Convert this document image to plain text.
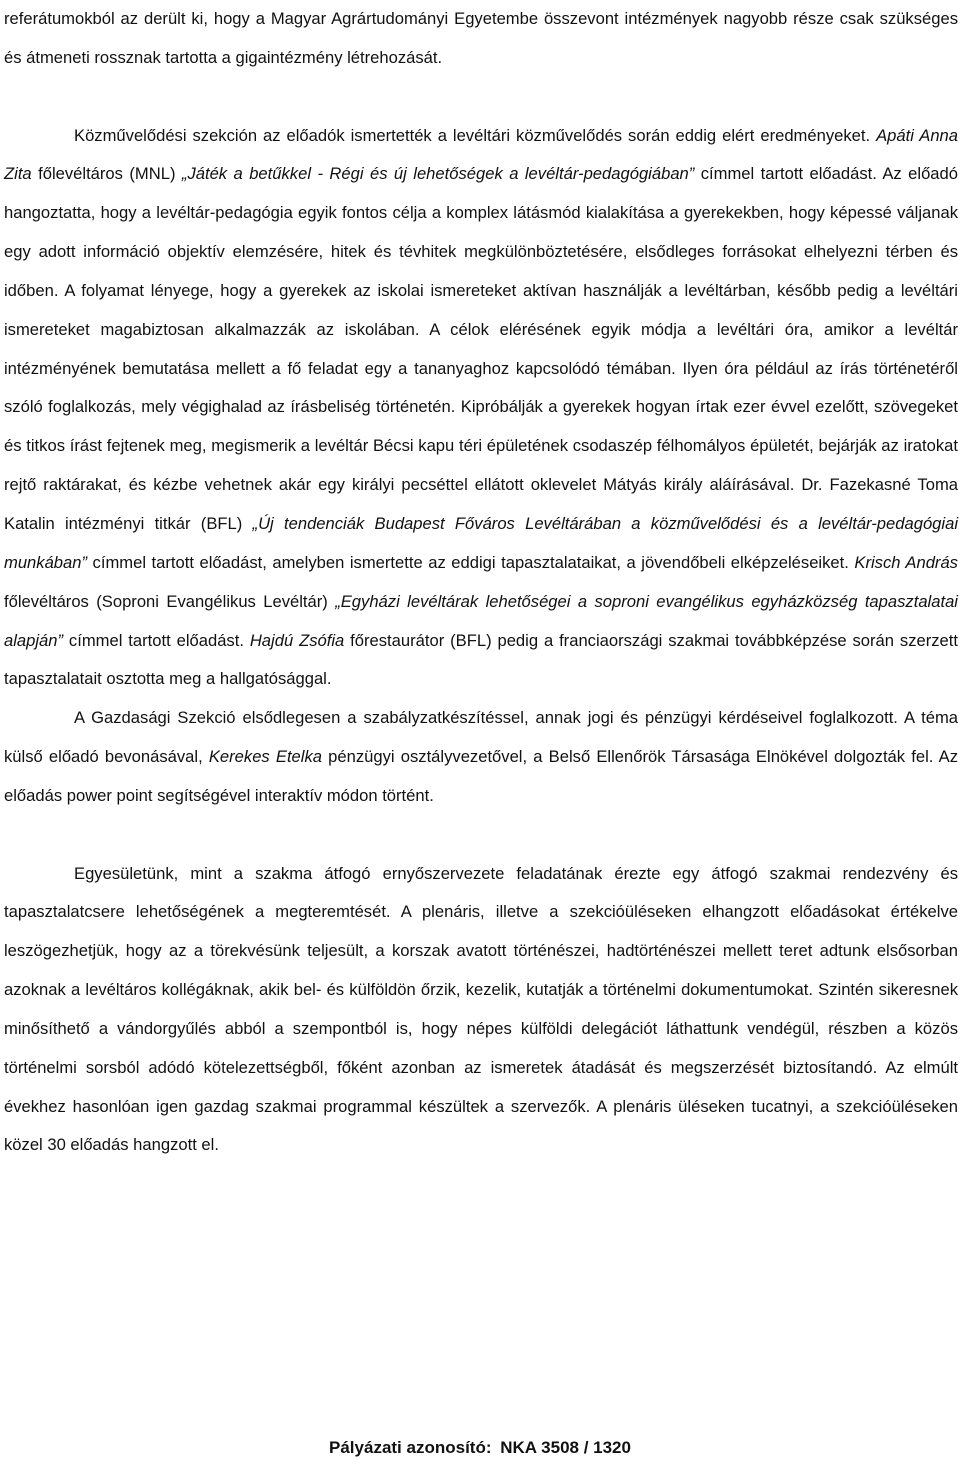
referátumokból az derült ki, hogy a Magyar Agrártudományi Egyetembe összevont intézmények nagyobb része csak szükséges és átmeneti rossznak tartotta a gigaintézmény létrehozását.

Közművelődési szekción az előadók ismertették a levéltári közművelődés során eddig elért eredményeket. Apáti Anna Zita főlevéltáros (MNL) „Játék a betűkkel - Régi és új lehetőségek a levéltár-pedagógiában” címmel tartott előadást. Az előadó hangoztatta, hogy a levéltár-pedagógia egyik fontos célja a komplex látásmód kialakítása a gyerekekben, hogy képessé váljanak egy adott információ objektív elemzésére, hitek és tévhitek megkülönböztetésére, elsődleges forrásokat elhelyezni térben és időben. A folyamat lényege, hogy a gyerekek az iskolai ismereteket aktívan használják a levéltárban, később pedig a levéltári ismereteket magabiztosan alkalmazzák az iskolában. A célok elérésének egyik módja a levéltári óra, amikor a levéltár intézményének bemutatása mellett a fő feladat egy a tananyaghoz kapcsolódó témában. Ilyen óra például az írás történetéről szóló foglalkozás, mely végighalad az írásbeliség történetén. Kipróbálják a gyerekek hogyan írtak ezer évvel ezelőtt, szövegeket és titkos írást fejtenek meg, megismerik a levéltár Bécsi kapu téri épületének csodaszép félhomályos épületét, bejárják az iratokat rejtő raktárakat, és kézbe vehetnek akár egy királyi pecséttel ellátott oklevelet Mátyás király aláírásával. Dr. Fazekasné Toma Katalin intézményi titkár (BFL) „Új tendenciák Budapest Főváros Levéltárában a közművelődési és a levéltár-pedagógiai munkában” címmel tartott előadást, amelyben ismertette az eddigi tapasztalataikat, a jövendőbeli elképzeléseiket. Krisch András főlevéltáros (Soproni Evangélikus Levéltár) „Egyházi levéltárak lehetőségei a soproni evangélikus egyházközség tapasztalatai alapján” címmel tartott előadást. Hajdú Zsófia főrestaurátor (BFL) pedig a franciaországi szakmai továbbképzése során szerzett tapasztalatait osztotta meg a hallgatósággal.

A Gazdasági Szekció elsődlegesen a szabályzatkészítéssel, annak jogi és pénzügyi kérdéseivel foglalkozott. A téma külső előadó bevonásával, Kerekes Etelka pénzügyi osztályvezetővel, a Belső Ellenőrök Társasága Elnökével dolgozták fel. Az előadás power point segítségével interaktív módon történt.

Egyesületünk, mint a szakma átfogó ernyőszervezete feladatának érezte egy átfogó szakmai rendezvény és tapasztalatcsere lehetőségének a megteremtését. A plenáris, illetve a szekcióüléseken elhangzott előadásokat értékelve leszögezhetjük, hogy az a törekvésünk teljesült, a korszak avatott történészei, hadtörténészei mellett teret adtunk elsősorban azoknak a levéltáros kollégáknak, akik bel- és külföldön őrzik, kezelik, kutatják a történelmi dokumentumokat. Szintén sikeresnek minősíthető a vándorgyűlés abból a szempontból is, hogy népes külföldi delegációt láthattunk vendégül, részben a közös történelmi sorsból adódó kötelezettségből, főként azonban az ismeretek átadását és megszerzését biztosítandó. Az elmúlt évekhez hasonlóan igen gazdag szakmai programmal készültek a szervezők. A plenáris üléseken tucatnyi, a szekcióüléseken közel 30 előadás hangzott el.

Pályázati azonosító: NKA 3508 / 1320
